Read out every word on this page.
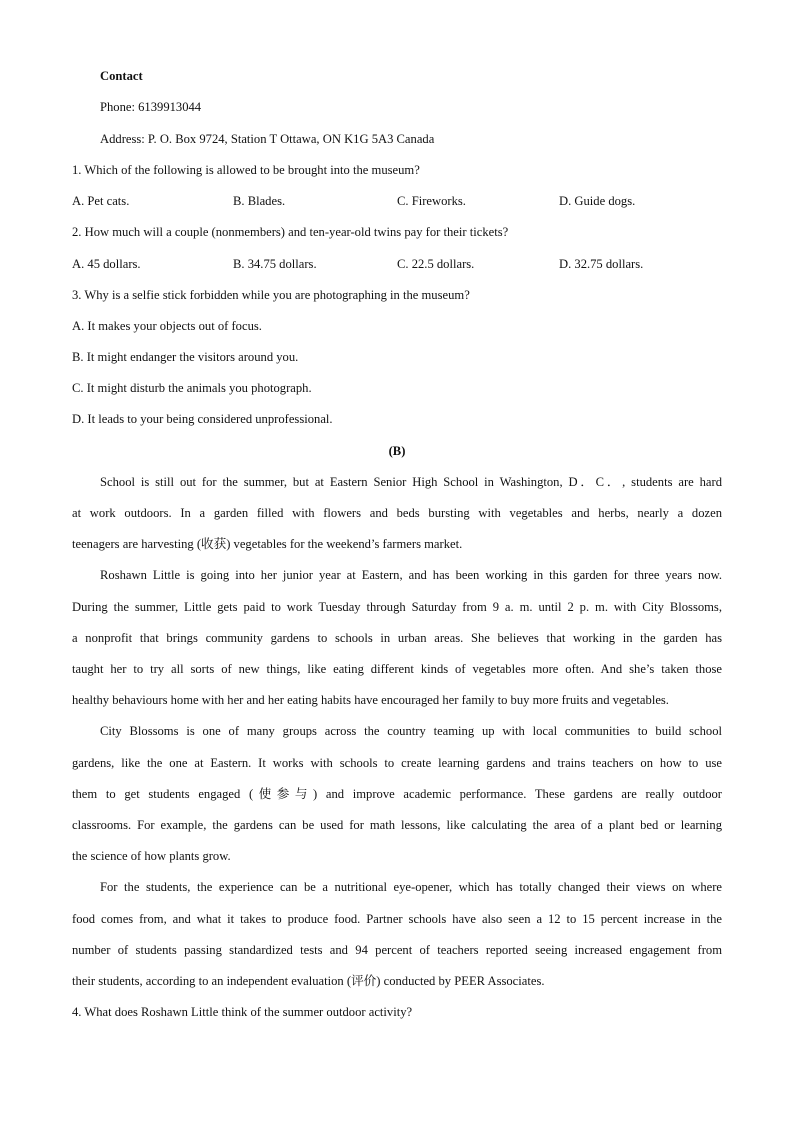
Contact
Phone: 6139913044
Address: P. O. Box 9724, Station T Ottawa, ON K1G 5A3 Canada
1. Which of the following is allowed to be brought into the museum?
A. Pet cats.	B. Blades.	C. Fireworks.	D. Guide dogs.
2. How much will a couple (nonmembers) and ten-year-old twins pay for their tickets?
A. 45 dollars.	B. 34.75 dollars.	C. 22.5 dollars.	D. 32.75 dollars.
3. Why is a selfie stick forbidden while you are photographing in the museum?
A. It makes your objects out of focus.
B. It might endanger the visitors around you.
C. It might disturb the animals you photograph.
D. It leads to your being considered unprofessional.
(B)
School is still out for the summer, but at Eastern Senior High School in Washington, D．C．, students are hard
at work outdoors. In a garden filled with flowers and beds bursting with vegetables and herbs, nearly a dozen
teenagers are harvesting (收获) vegetables for the weekend’s farmers market.
Roshawn Little is going into her junior year at Eastern, and has been working in this garden for three years now.
During the summer, Little gets paid to work Tuesday through Saturday from 9 a. m. until 2 p. m. with City Blossoms,
a nonprofit that brings community gardens to schools in urban areas. She believes that working in the garden has
taught her to try all sorts of new things, like eating different kinds of vegetables more often. And she’s taken those
healthy behaviours home with her and her eating habits have encouraged her family to buy more fruits and vegetables.
City Blossoms is one of many groups across the country teaming up with local communities to build school
gardens, like the one at Eastern. It works with schools to create learning gardens and trains teachers on how to use
them to get students engaged (使参与) and improve academic performance. These gardens are really outdoor
classrooms. For example, the gardens can be used for math lessons, like calculating the area of a plant bed or learning
the science of how plants grow.
For the students, the experience can be a nutritional eye-opener, which has totally changed their views on where
food comes from, and what it takes to produce food. Partner schools have also seen a 12 to 15 percent increase in the
number of students passing standardized tests and 94 percent of teachers reported seeing increased engagement from
their students, according to an independent evaluation (评价) conducted by PEER Associates.
4. What does Roshawn Little think of the summer outdoor activity?
